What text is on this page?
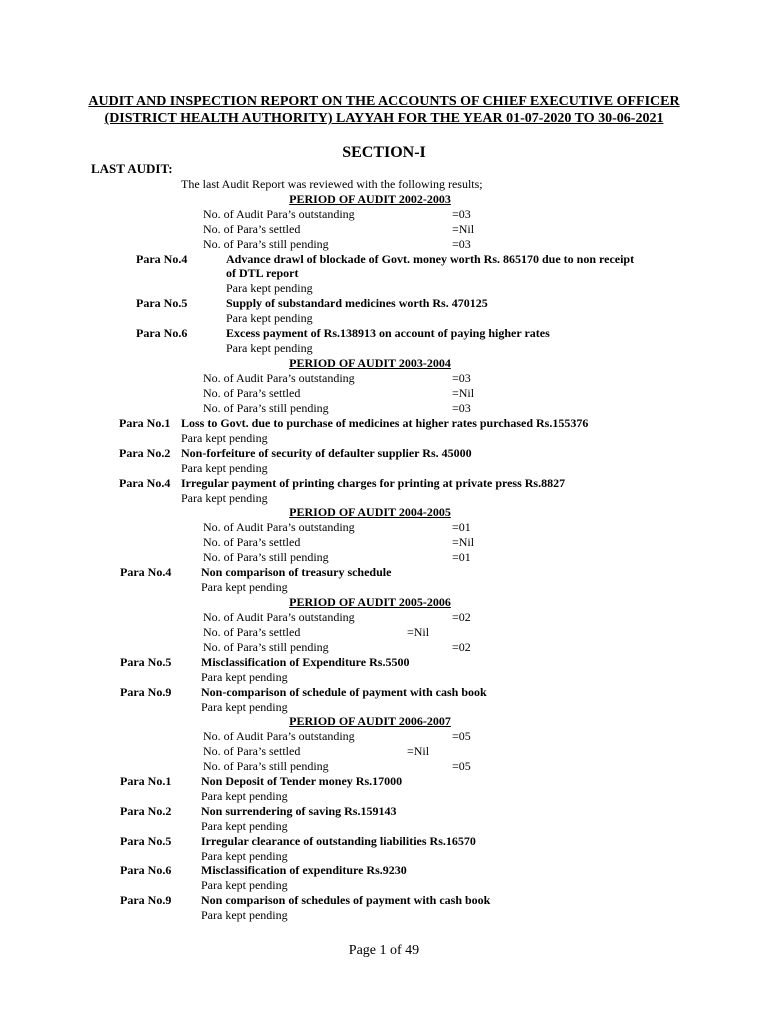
AUDIT AND INSPECTION REPORT ON THE ACCOUNTS OF CHIEF EXECUTIVE OFFICER
(DISTRICT HEALTH AUTHORITY) LAYYAH FOR THE YEAR 01-07-2020 TO 30-06-2021
SECTION-I
LAST AUDIT:
The last Audit Report was reviewed with the following results;
PERIOD OF AUDIT 2002-2003
No. of Audit Para’s outstanding	=03
No. of Para’s settled	=Nil
No. of Para’s still pending	=03
Para No.4	Advance drawl of blockade of Govt. money worth Rs. 865170 due to non receipt
of DTL report
Para kept pending
Para No.5	Supply of substandard medicines worth Rs. 470125
Para kept pending
Para No.6	Excess payment of Rs.138913 on account of paying higher rates
Para kept pending
PERIOD OF AUDIT 2003-2004
No. of Audit Para’s outstanding	=03
No. of Para’s settled	=Nil
No. of Para’s still pending	=03
Para No.1 Loss to Govt. due to purchase of medicines at higher rates purchased Rs.155376
Para kept pending
Para No.2 Non-forfeiture of security of defaulter supplier Rs. 45000
Para kept pending
Para No.4 Irregular payment of printing charges for printing at private press Rs.8827
Para kept pending
PERIOD OF AUDIT 2004-2005
No. of Audit Para’s outstanding	=01
No. of Para’s settled	=Nil
No. of Para’s still pending	=01
Para No.4 Non comparison of treasury schedule
Para kept pending
PERIOD OF AUDIT 2005-2006
No. of Audit Para’s outstanding	=02
No. of Para’s settled	=Nil
No. of Para’s still pending	=02
Para No.5 Misclassification of Expenditure Rs.5500
Para kept pending
Para No.9 Non-comparison of schedule of payment with cash book
Para kept pending
PERIOD OF AUDIT 2006-2007
No. of Audit Para’s outstanding	=05
No. of Para’s settled	=Nil
No. of Para’s still pending	=05
Para No.1 Non Deposit of Tender money Rs.17000
Para kept pending
Para No.2 Non surrendering of saving Rs.159143
Para kept pending
Para No.5 Irregular clearance of outstanding liabilities Rs.16570
Para kept pending
Para No.6 Misclassification of expenditure Rs.9230
Para kept pending
Para No.9 Non comparison of schedules of payment with cash book
Para kept pending
Page 1 of 49
